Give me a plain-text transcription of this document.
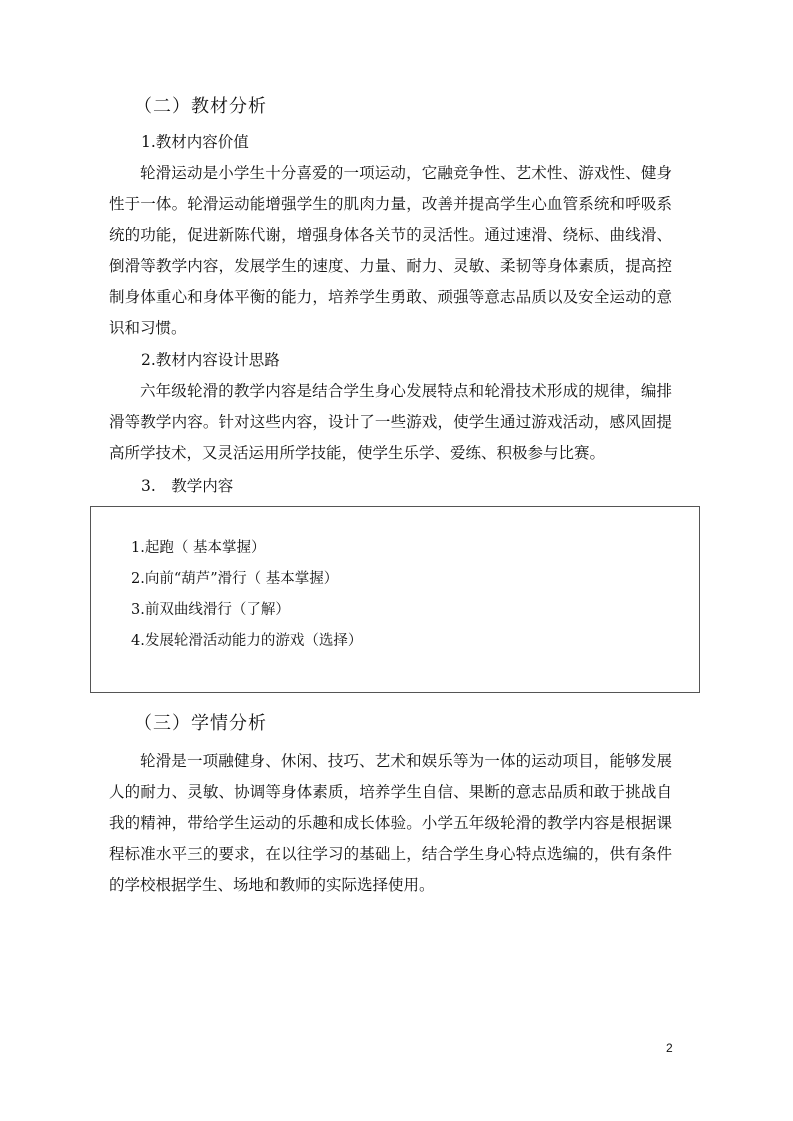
（二）教材分析
1.教材内容价值

轮滑运动是小学生十分喜爱的一项运动，它融竞争性、艺术性、游戏性、健身性于一体。轮滑运动能增强学生的肌肉力量，改善并提高学生心血管系统和呼吸系统的功能，促进新陈代谢，增强身体各关节的灵活性。通过速滑、绕标、曲线滑、倒滑等教学内容，发展学生的速度、力量、耐力、灵敏、柔韧等身体素质，提高控制身体重心和身体平衡的能力，培养学生勇敢、顽强等意志品质以及安全运动的意识和习惯。

2.教材内容设计思路

六年级轮滑的教学内容是结合学生身心发展特点和轮滑技术形成的规律，编排滑等教学内容。针对这些内容，设计了一些游戏，使学生通过游戏活动，感风固提高所学技术，又灵活运用所学技能，使学生乐学、爱练、积极参与比赛。

3.　教学内容
1.起跑（ 基本掌握）
2.向前“葫芦”滑行（ 基本掌握）
3.前双曲线滑行（了解）
4.发展轮滑活动能力的游戏（选择）
（三）学情分析

轮滑是一项融健身、休闲、技巧、艺术和娱乐等为一体的运动项目，能够发展人的耐力、灵敏、协调等身体素质，培养学生自信、果断的意志品质和敢于挑战自我的精神，带给学生运动的乐趣和成长体验。小学五年级轮滑的教学内容是根据课程标准水平三的要求，在以往学习的基础上，结合学生身心特点选编的，供有条件的学校根据学生、场地和教师的实际选择使用。

2
